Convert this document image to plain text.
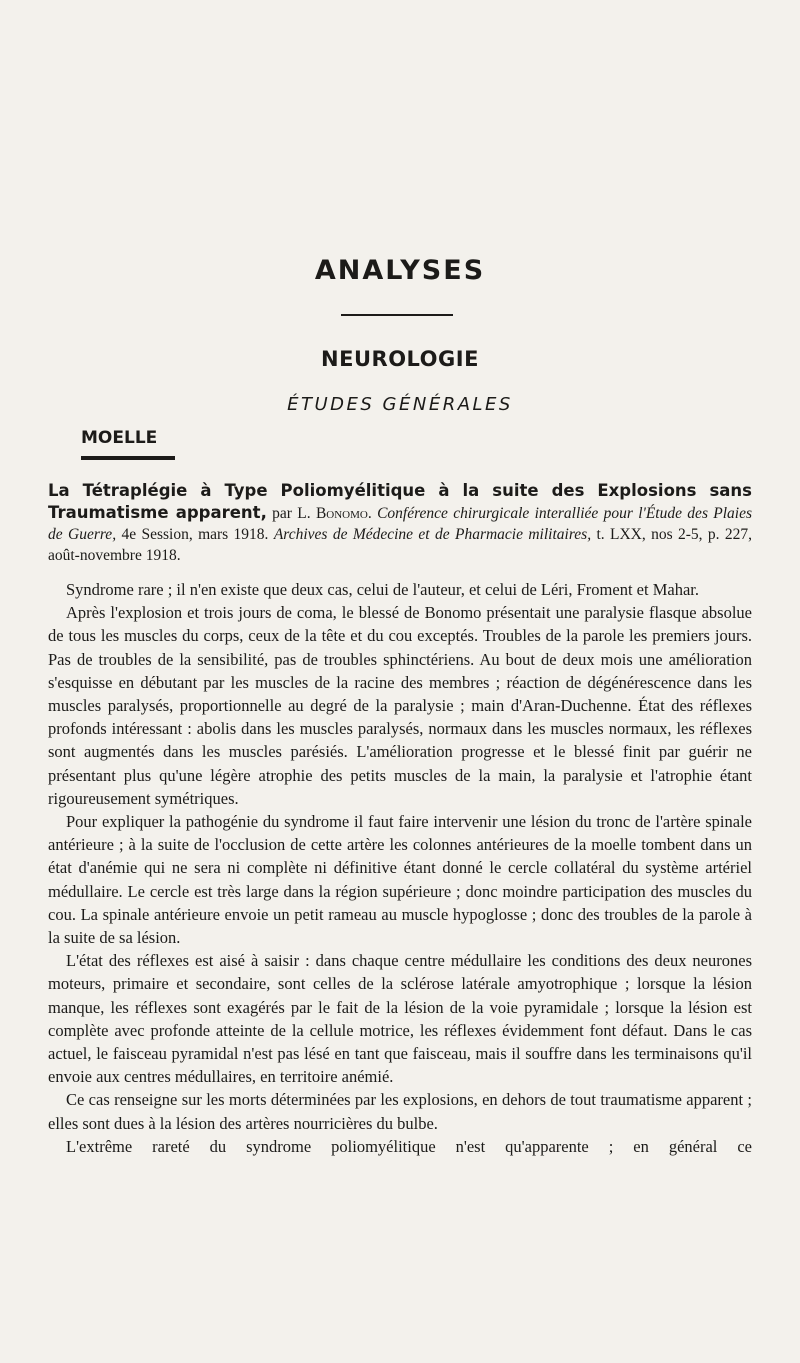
ANALYSES
NEUROLOGIE
ÉTUDES GÉNÉRALES
MOELLE
La Tétraplégie à Type Poliomyélitique à la suite des Explosions sans Traumatisme apparent, par L. Bonomo. Conférence chirurgicale interalliée pour l'Étude des Plaies de Guerre, 4e Session, mars 1918. Archives de Médecine et de Pharmacie militaires, t. LXX, nos 2-5, p. 227, août-novembre 1918.

Syndrome rare ; il n'en existe que deux cas, celui de l'auteur, et celui de Léri, Froment et Mahar.

Après l'explosion et trois jours de coma, le blessé de Bonomo présentait une paralysie flasque absolue de tous les muscles du corps, ceux de la tête et du cou exceptés. Troubles de la parole les premiers jours. Pas de troubles de la sensibilité, pas de troubles sphinctériens. Au bout de deux mois une amélioration s'esquisse en débutant par les muscles de la racine des membres ; réaction de dégénérescence dans les muscles paralysés, proportionnelle au degré de la paralysie ; main d'Aran-Duchenne. État des réflexes profonds intéressant : abolis dans les muscles paralysés, normaux dans les muscles normaux, les réflexes sont augmentés dans les muscles parésiés. L'amélioration progresse et le blessé finit par guérir ne présentant plus qu'une légère atrophie des petits muscles de la main, la paralysie et l'atrophie étant rigoureusement symétriques.

Pour expliquer la pathogénie du syndrome il faut faire intervenir une lésion du tronc de l'artère spinale antérieure ; à la suite de l'occlusion de cette artère les colonnes antérieures de la moelle tombent dans un état d'anémie qui ne sera ni complète ni définitive étant donné le cercle collatéral du système artériel médullaire. Le cercle est très large dans la région supérieure ; donc moindre participation des muscles du cou. La spinale antérieure envoie un petit rameau au muscle hypoglosse ; donc des troubles de la parole à la suite de sa lésion.

L'état des réflexes est aisé à saisir : dans chaque centre médullaire les conditions des deux neurones moteurs, primaire et secondaire, sont celles de la sclérose latérale amyotrophique ; lorsque la lésion manque, les réflexes sont exagérés par le fait de la lésion de la voie pyramidale ; lorsque la lésion est complète avec profonde atteinte de la cellule motrice, les réflexes évidemment font défaut. Dans le cas actuel, le faisceau pyramidal n'est pas lésé en tant que faisceau, mais il souffre dans les terminaisons qu'il envoie aux centres médullaires, en territoire anémié.

Ce cas renseigne sur les morts déterminées par les explosions, en dehors de tout traumatisme apparent ; elles sont dues à la lésion des artères nourricières du bulbe.

L'extrême rareté du syndrome poliomyélitique n'est qu'apparente ; en général ce
